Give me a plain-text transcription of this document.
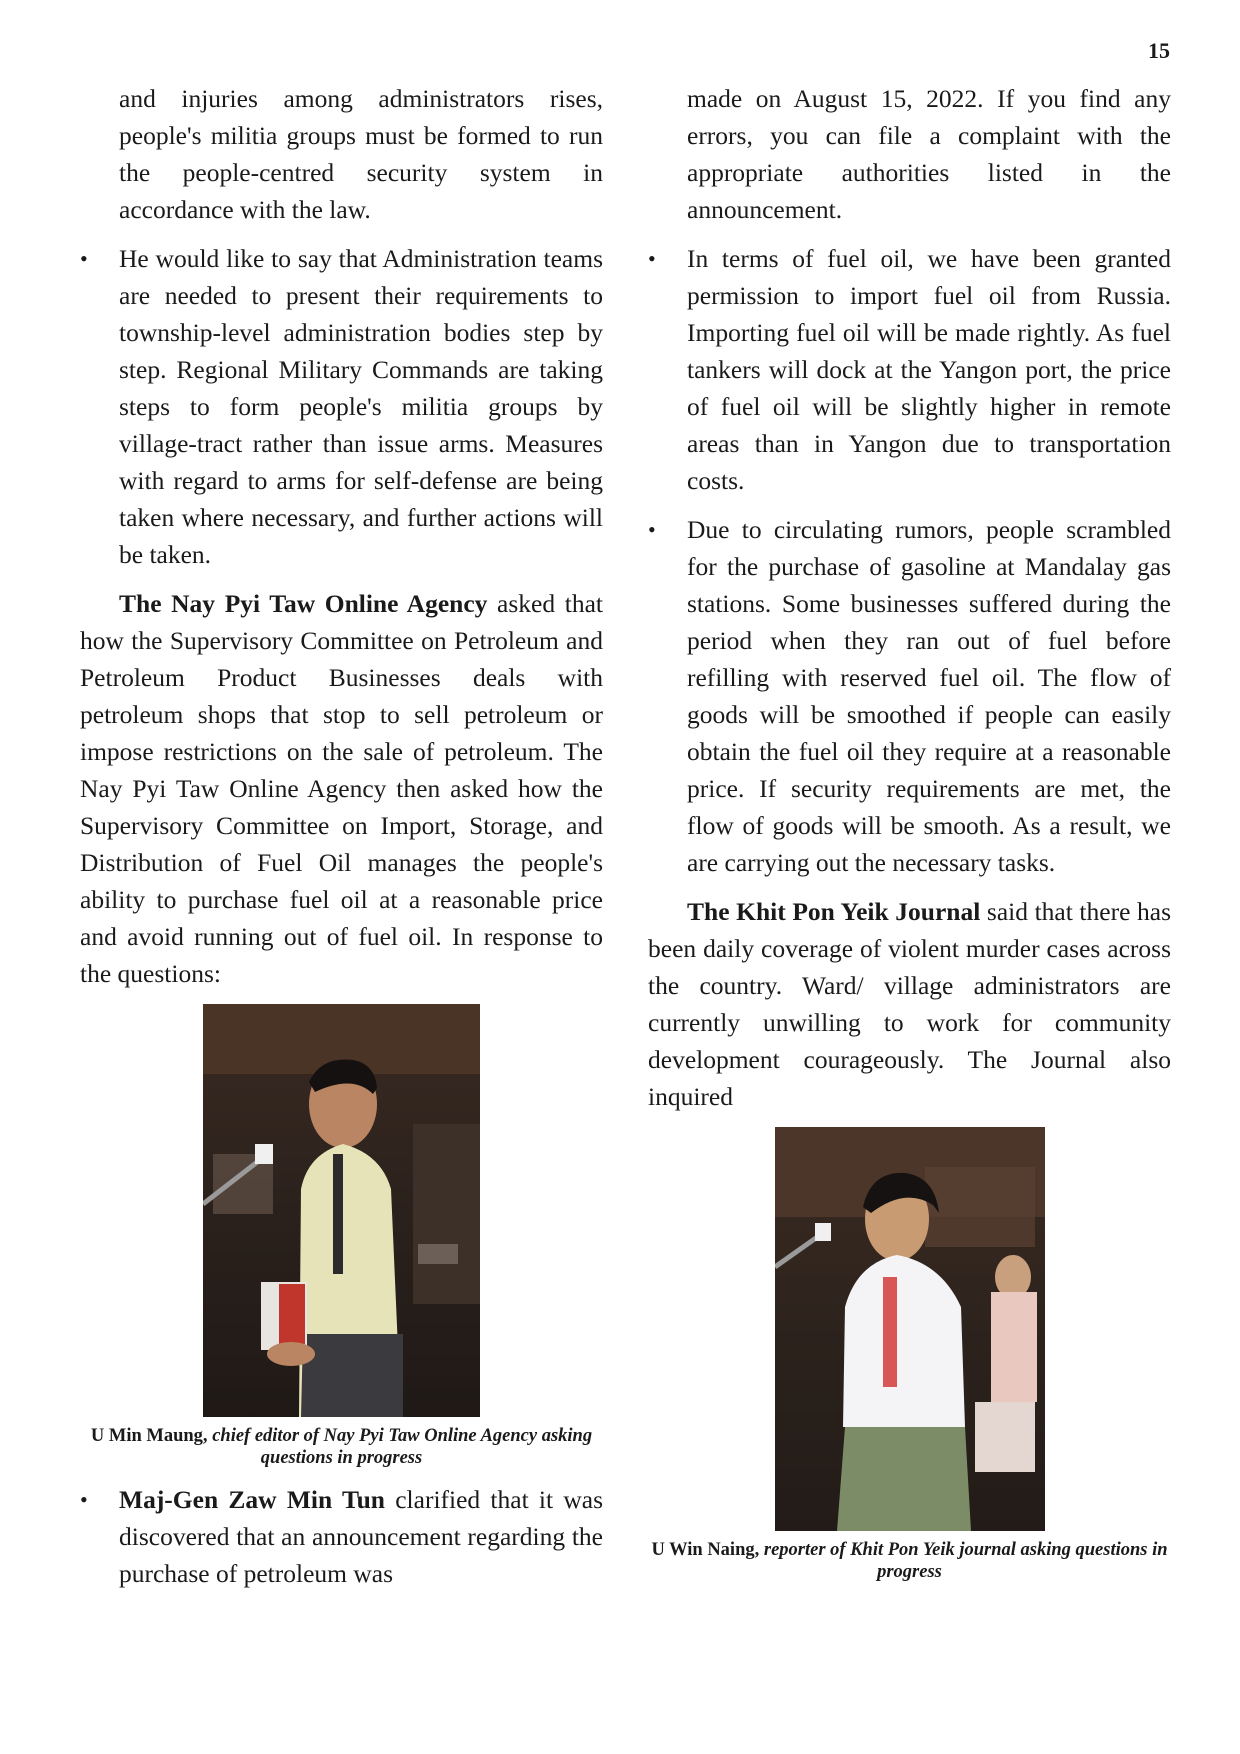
15

and injuries among administrators rises, people's militia groups must be formed to run the people-centred security system in accordance with the law.

• He would like to say that Administration teams are needed to present their requirements to township-level administration bodies step by step. Regional Military Commands are taking steps to form people's militia groups by village-tract rather than issue arms. Measures with regard to arms for self-defense are being taken where necessary, and further actions will be taken.

The Nay Pyi Taw Online Agency asked that how the Supervisory Committee on Petroleum and Petroleum Product Businesses deals with petroleum shops that stop to sell petroleum or impose restrictions on the sale of petroleum. The Nay Pyi Taw Online Agency then asked how the Supervisory Committee on Import, Storage, and Distribution of Fuel Oil manages the people's ability to purchase fuel oil at a reasonable price and avoid running out of fuel oil. In response to the questions:

U Min Maung, chief editor of Nay Pyi Taw Online Agency asking questions in progress
• Maj-Gen Zaw Min Tun clarified that it was discovered that an announcement regarding the purchase of petroleum was

made on August 15, 2022. If you find any errors, you can file a complaint with the appropriate authorities listed in the announcement.

• In terms of fuel oil, we have been granted permission to import fuel oil from Russia. Importing fuel oil will be made rightly. As fuel tankers will dock at the Yangon port, the price of fuel oil will be slightly higher in remote areas than in Yangon due to transportation costs.
• Due to circulating rumors, people scrambled for the purchase of gasoline at Mandalay gas stations. Some businesses suffered during the period when they ran out of fuel before refilling with reserved fuel oil. The flow of goods will be smoothed if people can easily obtain the fuel oil they require at a reasonable price. If security requirements are met, the flow of goods will be smooth. As a result, we are carrying out the necessary tasks.

The Khit Pon Yeik Journal said that there has been daily coverage of violent murder cases across the country. Ward/ village administrators are currently unwilling to work for community development courageously. The Journal also inquired

U Win Naing, reporter of Khit Pon Yeik journal asking questions in progress
